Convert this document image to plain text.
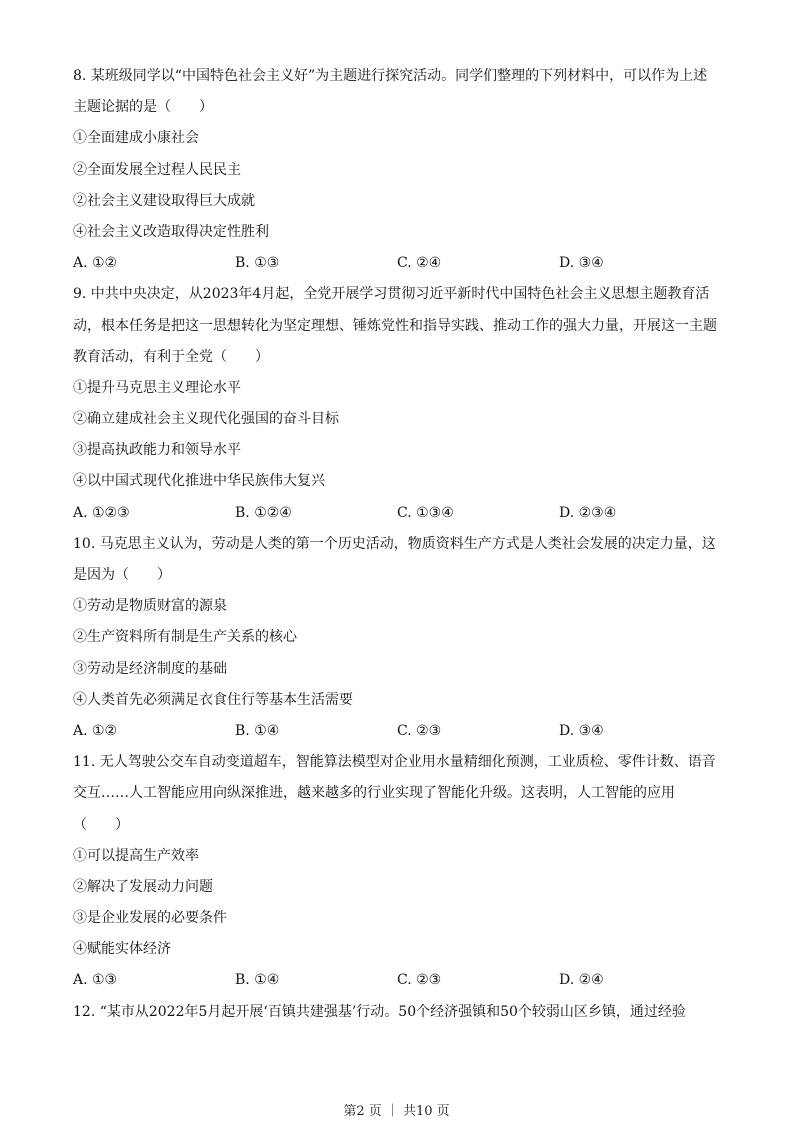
8. 某班级同学以“中国特色社会主义好”为主题进行探究活动。同学们整理的下列材料中，可以作为上述
主题论据的是（　　）
①全面建成小康社会
②全面发展全过程人民民主
②社会主义建设取得巨大成就
④社会主义改造取得决定性胜利
A. ①②	B. ①③	C. ②④	D. ③④
9. 中共中央决定，从2023年4月起，全党开展学习贯彻习近平新时代中国特色社会主义思想主题教育活
动，根本任务是把这一思想转化为坚定理想、锤炼党性和指导实践、推动工作的强大力量，开展这一主题
教育活动，有利于全党（　　）
①提升马克思主义理论水平
②确立建成社会主义现代化强国的奋斗目标
③提高执政能力和领导水平
④以中国式现代化推进中华民族伟大复兴
A. ①②③	B. ①②④	C. ①③④	D. ②③④
10. 马克思主义认为，劳动是人类的第一个历史活动，物质资料生产方式是人类社会发展的决定力量，这
是因为（　　）
①劳动是物质财富的源泉
②生产资料所有制是生产关系的核心
③劳动是经济制度的基础
④人类首先必须满足衣食住行等基本生活需要
A. ①②	B. ①④	C. ②③	D. ③④
11. 无人驾驶公交车自动变道超车，智能算法模型对企业用水量精细化预测，工业质检、零件计数、语音
交互……人工智能应用向纵深推进，越来越多的行业实现了智能化升级。这表明，人工智能的应用
（　　）
①可以提高生产效率
②解决了发展动力问题
③是企业发展的必要条件
④赋能实体经济
A. ①③	B. ①④	C. ②③	D. ②④
12. “某市从2022年5月起开展‘百镇共建强基’行动。50个经济强镇和50个较弱山区乡镇，通过经验
第2 页 ｜ 共10 页
